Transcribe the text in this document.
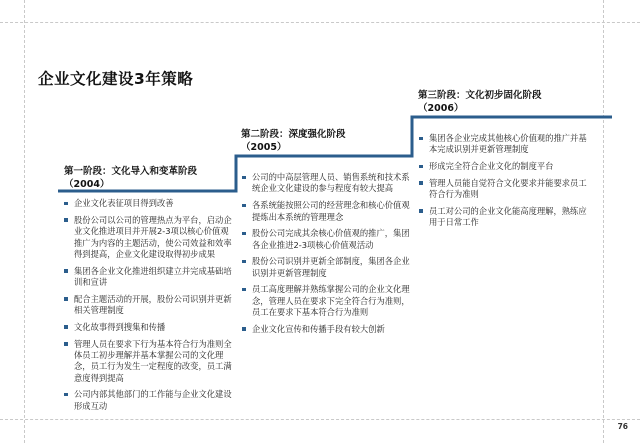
企业文化建设3年策略
第一阶段：文化导入和变革阶段
（2004）
第二阶段：深度强化阶段
（2005）
第三阶段：文化初步固化阶段
（2006）
企业文化表征项目得到改善
股份公司以公司的管理热点为平台，启动企业文化推进项目并开展2-3项以核心价值观推广为内容的主题活动，使公司效益和效率得到提高，企业文化建设取得初步成果
集团各企业文化推进组织建立并完成基础培训和宣讲
配合主题活动的开展，股份公司识别并更新相关管理制度
文化故事得到搜集和传播
管理人员在要求下行为基本符合行为准则全体员工初步理解并基本掌握公司的文化理念，员工行为发生一定程度的改变，员工满意度得到提高
公司内部其他部门的工作能与企业文化建设形成互动
公司的中高层管理人员、销售系统和技术系统企业文化建设的参与程度有较大提高
各系统能按照公司的经营理念和核心价值观提炼出本系统的管理理念
股份公司完成其余核心价值观的推广，集团各企业推进2-3项核心价值观活动
股份公司识别并更新全部制度，集团各企业识别并更新管理制度
员工高度理解并熟练掌握公司的企业文化理念，管理人员在要求下完全符合行为准则，员工在要求下基本符合行为准则
企业文化宣传和传播手段有较大创新
集团各企业完成其他核心价值观的推广并基本完成识别并更新管理制度
形成完全符合企业文化的制度平台
管理人员能自觉符合文化要求并能要求员工符合行为准则
员工对公司的企业文化能高度理解，熟练应用于日常工作
76
